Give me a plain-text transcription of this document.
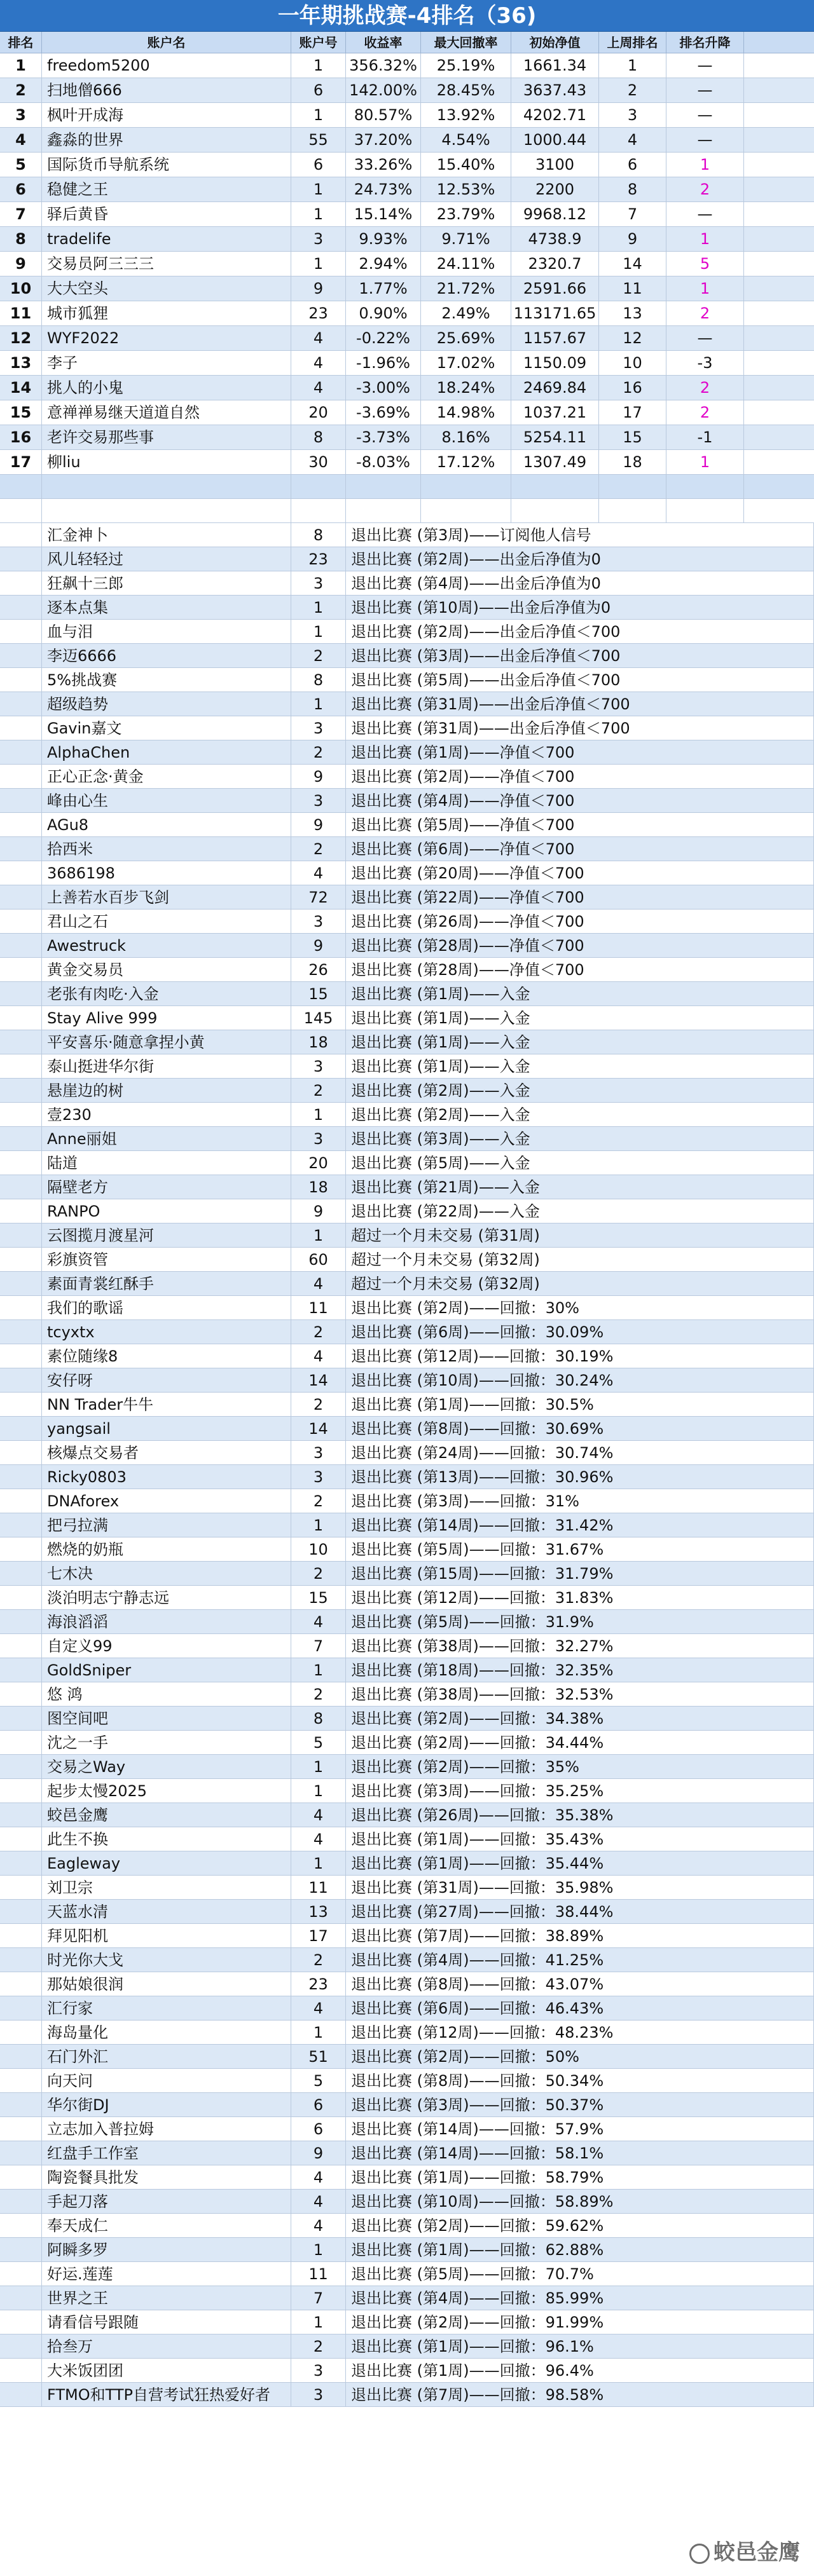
一年期挑战赛-4排名（36)
排名	账户名	账户号	收益率	最大回撤率	初始净值	上周排名	排名升降
1	freedom5200	1	356.32%	25.19%	1661.34	1	—
2	扫地僧666	6	142.00%	28.45%	3637.43	2	—
3	枫叶开成海	1	80.57%	13.92%	4202.71	3	—
4	鑫淼的世界	55	37.20%	4.54%	1000.44	4	—
5	国际货币导航系统	6	33.26%	15.40%	3100	6	1
6	稳健之王	1	24.73%	12.53%	2200	8	2
7	驿后黄昏	1	15.14%	23.79%	9968.12	7	—
8	tradelife	3	9.93%	9.71%	4738.9	9	1
9	交易员阿三三三	1	2.94%	24.11%	2320.7	14	5
10	大大空头	9	1.77%	21.72%	2591.66	11	1
11	城市狐狸	23	0.90%	2.49%	113171.65	13	2
12	WYF2022	4	-0.22%	25.69%	1157.67	12	—
13	李子	4	-1.96%	17.02%	1150.09	10	-3
14	挑人的小鬼	4	-3.00%	18.24%	2469.84	16	2
15	意禅禅易继天道道自然	20	-3.69%	14.98%	1037.21	17	2
16	老许交易那些事	8	-3.73%	8.16%	5254.11	15	-1
17	柳liu	30	-8.03%	17.12%	1307.49	18	1
汇金神卜	8	退出比赛 (第3周)——订阅他人信号
风儿轻轻过	23	退出比赛 (第2周)——出金后净值为0
狂飙十三郎	3	退出比赛 (第4周)——出金后净值为0
逐本点集	1	退出比赛 (第10周)——出金后净值为0
血与泪	1	退出比赛 (第2周)——出金后净值＜700
李迈6666	2	退出比赛 (第3周)——出金后净值＜700
5%挑战赛	8	退出比赛 (第5周)——出金后净值＜700
超级趋势	1	退出比赛 (第31周)——出金后净值＜700
Gavin嘉文	3	退出比赛 (第31周)——出金后净值＜700
AlphaChen	2	退出比赛 (第1周)——净值＜700
正心正念·黄金	9	退出比赛 (第2周)——净值＜700
峰由心生	3	退出比赛 (第4周)——净值＜700
AGu8	9	退出比赛 (第5周)——净值＜700
拾西米	2	退出比赛 (第6周)——净值＜700
3686198	4	退出比赛 (第20周)——净值＜700
上善若水百步飞剑	72	退出比赛 (第22周)——净值＜700
君山之石	3	退出比赛 (第26周)——净值＜700
Awestruck	9	退出比赛 (第28周)——净值＜700
黄金交易员	26	退出比赛 (第28周)——净值＜700
老张有肉吃·入金	15	退出比赛 (第1周)——入金
Stay Alive 999	145	退出比赛 (第1周)——入金
平安喜乐·随意拿捏小黄	18	退出比赛 (第1周)——入金
泰山挺进华尔街	3	退出比赛 (第1周)——入金
悬崖边的树	2	退出比赛 (第2周)——入金
壹230	1	退出比赛 (第2周)——入金
Anne丽姐	3	退出比赛 (第3周)——入金
陆道	20	退出比赛 (第5周)——入金
隔壁老方	18	退出比赛 (第21周)——入金
RANPO	9	退出比赛 (第22周)——入金
云图揽月渡星河	1	超过一个月未交易 (第31周)
彩旗资管	60	超过一个月未交易 (第32周)
素面青裳红酥手	4	超过一个月未交易 (第32周)
我们的歌谣	11	退出比赛 (第2周)——回撤：30%
tcyxtx	2	退出比赛 (第6周)——回撤：30.09%
素位随缘8	4	退出比赛 (第12周)——回撤：30.19%
安仔呀	14	退出比赛 (第10周)——回撤：30.24%
NN Trader牛牛	2	退出比赛 (第1周)——回撤：30.5%
yangsail	14	退出比赛 (第8周)——回撤：30.69%
核爆点交易者	3	退出比赛 (第24周)——回撤：30.74%
Ricky0803	3	退出比赛 (第13周)——回撤：30.96%
DNAforex	2	退出比赛 (第3周)——回撤：31%
把弓拉满	1	退出比赛 (第14周)——回撤：31.42%
燃烧的奶瓶	10	退出比赛 (第5周)——回撤：31.67%
七木决	2	退出比赛 (第15周)——回撤：31.79%
淡泊明志宁静志远	15	退出比赛 (第12周)——回撤：31.83%
海浪滔滔	4	退出比赛 (第5周)——回撤：31.9%
自定义99	7	退出比赛 (第38周)——回撤：32.27%
GoldSniper	1	退出比赛 (第18周)——回撤：32.35%
悠 鸿	2	退出比赛 (第38周)——回撤：32.53%
图空间吧	8	退出比赛 (第2周)——回撤：34.38%
沈之一手	5	退出比赛 (第2周)——回撤：34.44%
交易之Way	1	退出比赛 (第2周)——回撤：35%
起步太慢2025	1	退出比赛 (第3周)——回撤：35.25%
蛟邑金鹰	4	退出比赛 (第26周)——回撤：35.38%
此生不换	4	退出比赛 (第1周)——回撤：35.43%
Eagleway	1	退出比赛 (第1周)——回撤：35.44%
刘卫宗	11	退出比赛 (第31周)——回撤：35.98%
天蓝水清	13	退出比赛 (第27周)——回撤：38.44%
拜见阳机	17	退出比赛 (第7周)——回撤：38.89%
时光你大戈	2	退出比赛 (第4周)——回撤：41.25%
那姑娘很润	23	退出比赛 (第8周)——回撤：43.07%
汇行家	4	退出比赛 (第6周)——回撤：46.43%
海岛量化	1	退出比赛 (第12周)——回撤：48.23%
石门外汇	51	退出比赛 (第2周)——回撤：50%
向天问	5	退出比赛 (第8周)——回撤：50.34%
华尔街DJ	6	退出比赛 (第3周)——回撤：50.37%
立志加入普拉姆	6	退出比赛 (第14周)——回撤：57.9%
红盘手工作室	9	退出比赛 (第14周)——回撤：58.1%
陶瓷餐具批发	4	退出比赛 (第1周)——回撤：58.79%
手起刀落	4	退出比赛 (第10周)——回撤：58.89%
奉天成仁	4	退出比赛 (第2周)——回撤：59.62%
阿瞬多罗	1	退出比赛 (第1周)——回撤：62.88%
好运.莲莲	11	退出比赛 (第5周)——回撤：70.7%
世界之王	7	退出比赛 (第4周)——回撤：85.99%
请看信号跟随	1	退出比赛 (第2周)——回撤：91.99%
拾叁万	2	退出比赛 (第1周)——回撤：96.1%
大米饭团团	3	退出比赛 (第1周)——回撤：96.4%
FTMO和TTP自营考试狂热爱好者	3	退出比赛 (第7周)——回撤：98.58%
蛟邑金鹰
